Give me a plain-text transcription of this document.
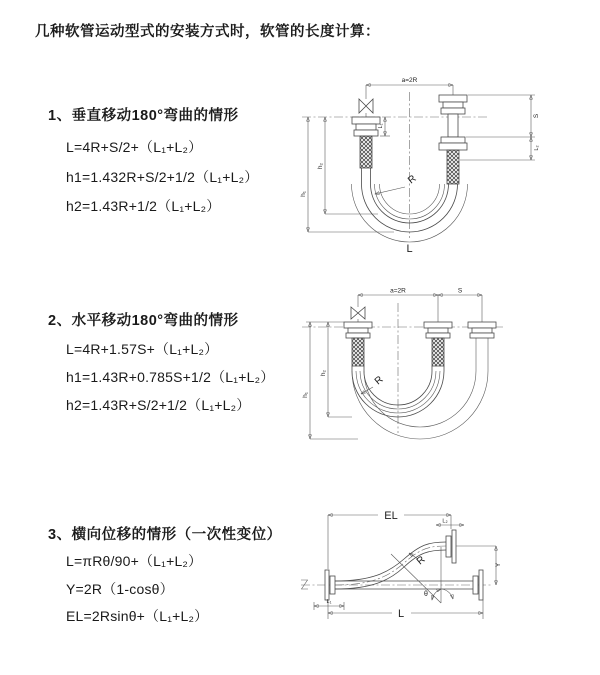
几种软管运动型式的安装方式时，软管的长度计算：
1、垂直移动180°弯曲的情形
L=4R+S/2+（L₁+L₂）
h1=1.432R+S/2+1/2（L₁+L₂）
h2=1.43R+1/2（L₁+L₂）
2、水平移动180°弯曲的情形
L=4R+1.57S+（L₁+L₂）
h1=1.43R+0.785S+1/2（L₁+L₂）
h2=1.43R+S/2+1/2（L₁+L₂）
3、横向位移的情形（一次性变位）
L=πRθ/90+（L₁+L₂）
Y=2R（1-cosθ）
EL=2Rsinθ+（L₁+L₂）
a=2R
h₁
h₂
L₁
S
L₂
R
L
a=2R	S
h₁
h₂
R
EL	L₂
Y
θ
R
L
L₁
